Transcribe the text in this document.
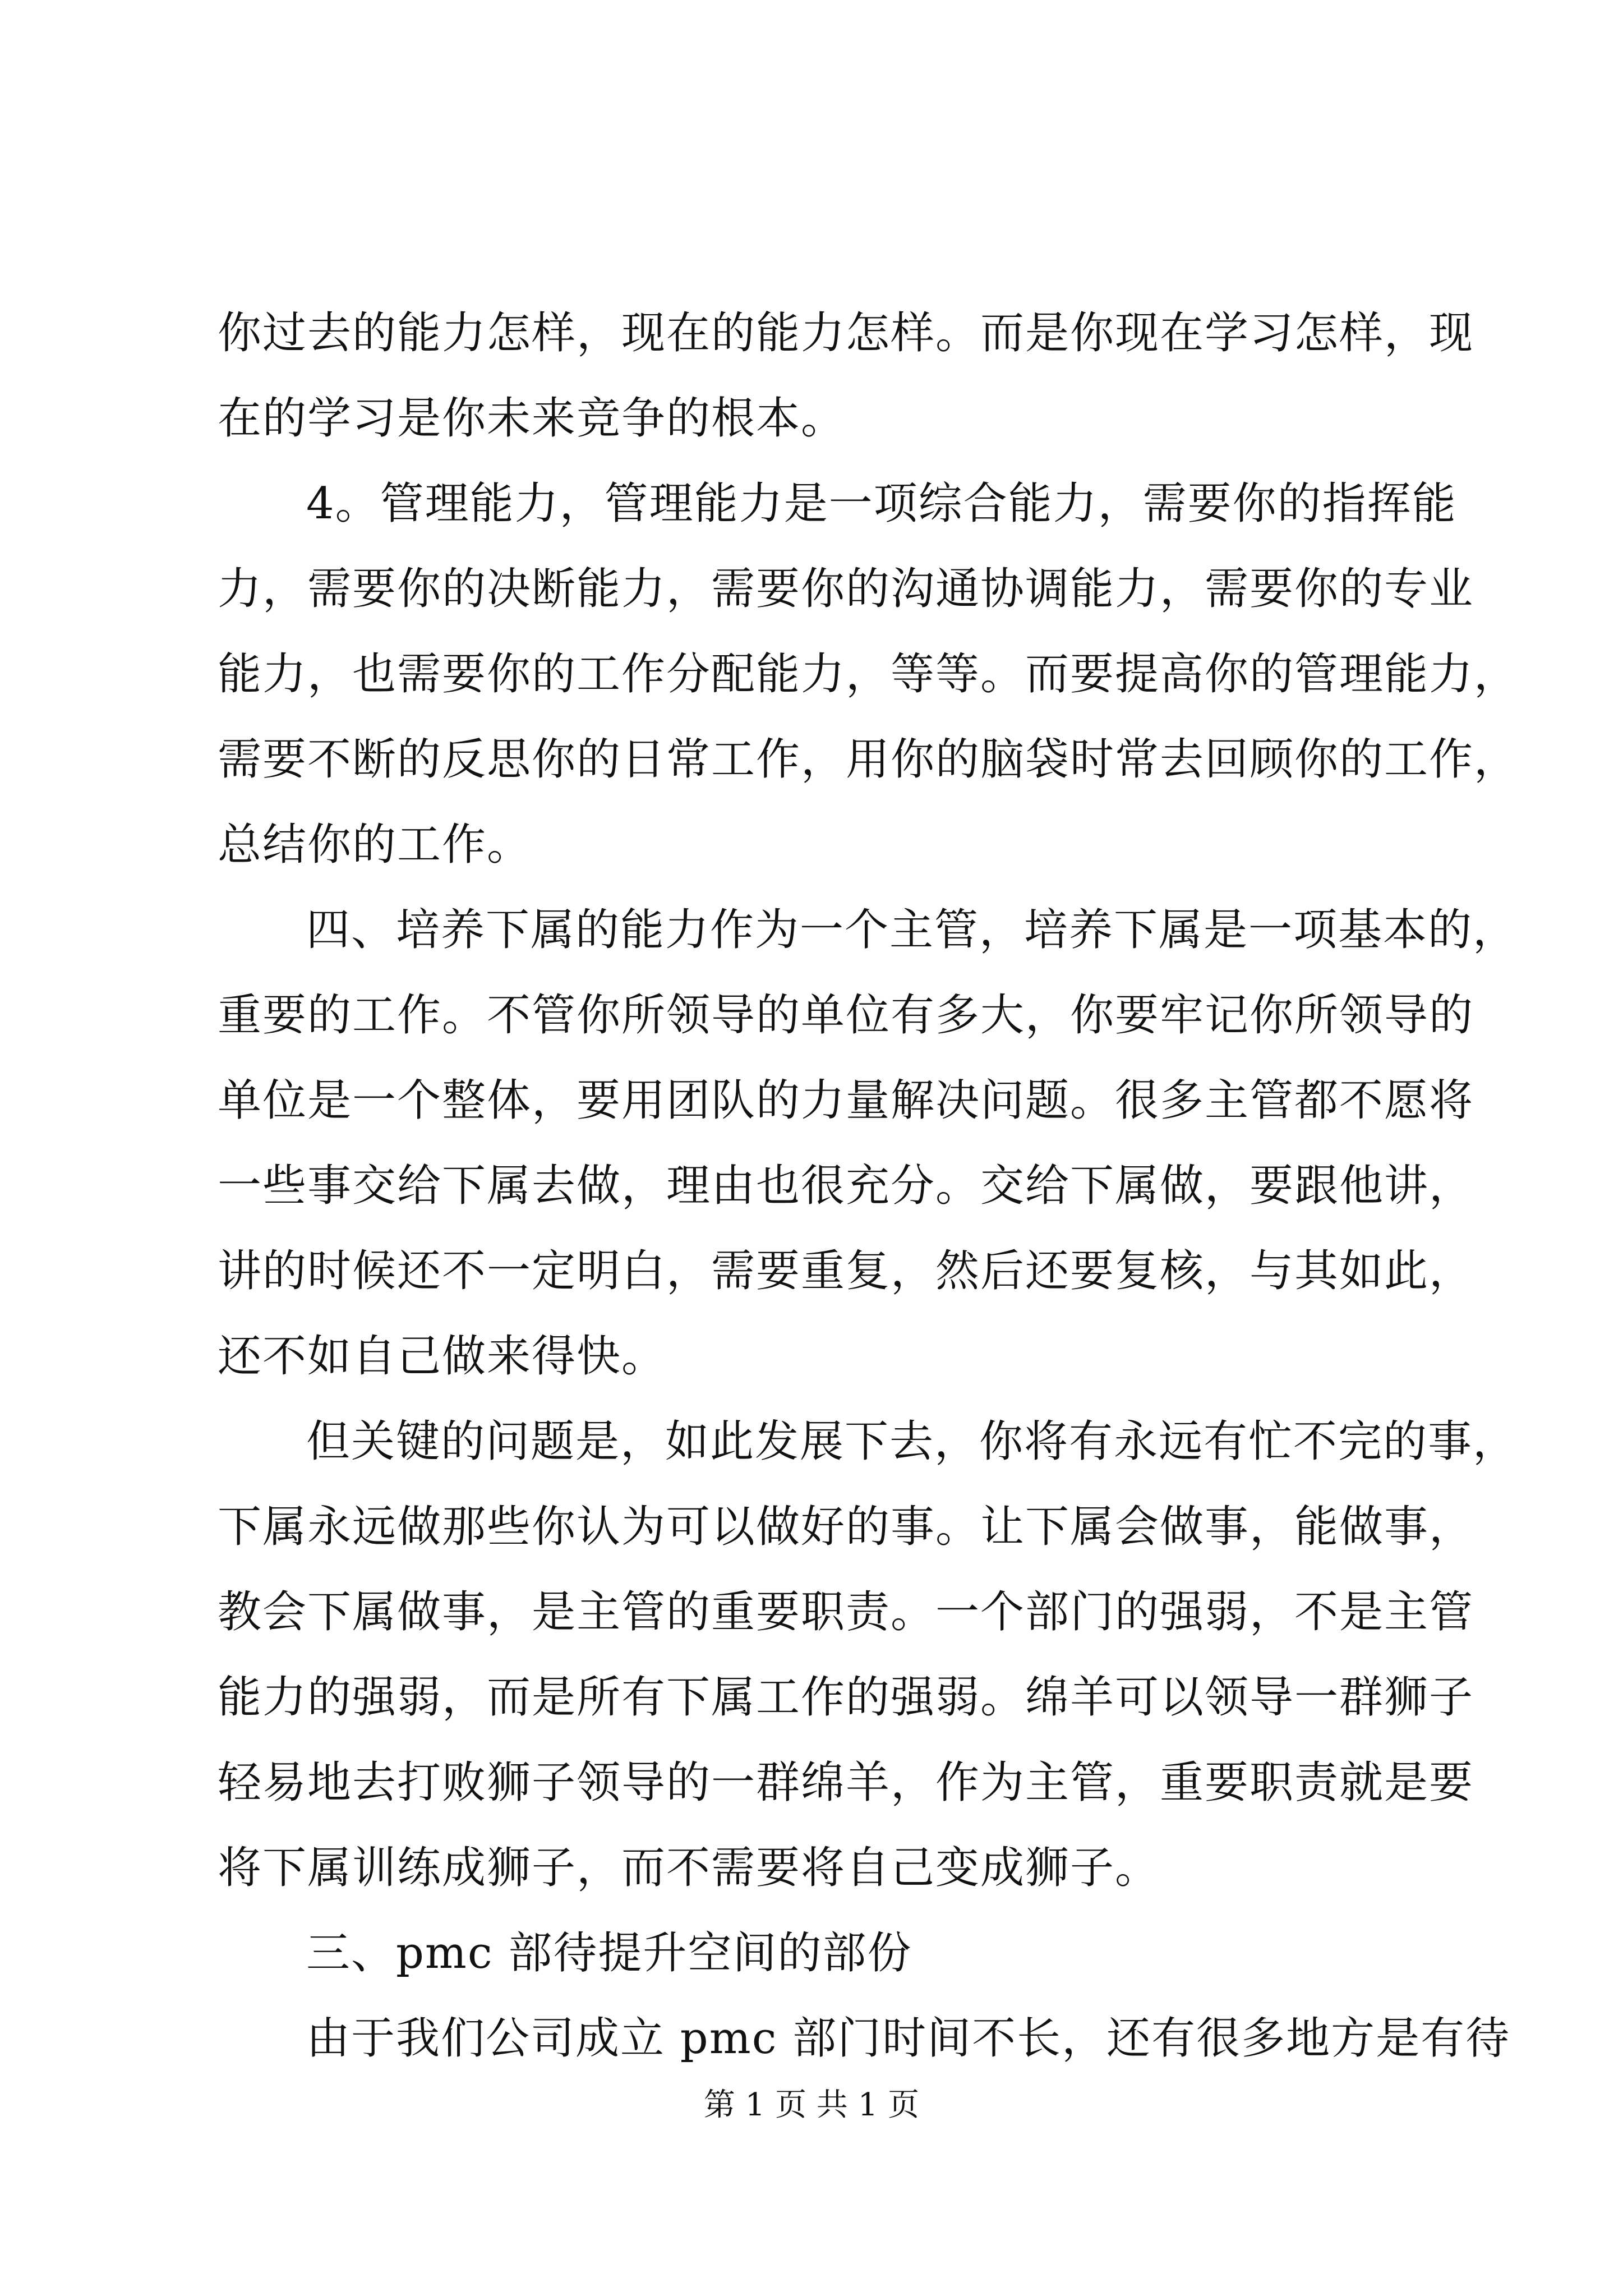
你过去的能力怎样，现在的能力怎样。而是你现在学习怎样，现
在的学习是你未来竞争的根本。
4。管理能力，管理能力是一项综合能力，需要你的指挥能
力，需要你的决断能力，需要你的沟通协调能力，需要你的专业
能力，也需要你的工作分配能力，等等。而要提高你的管理能力，
需要不断的反思你的日常工作，用你的脑袋时常去回顾你的工作，
总结你的工作。
四、培养下属的能力作为一个主管，培养下属是一项基本的，
重要的工作。不管你所领导的单位有多大，你要牢记你所领导的
单位是一个整体，要用团队的力量解决问题。很多主管都不愿将
一些事交给下属去做，理由也很充分。交给下属做，要跟他讲，
讲的时候还不一定明白，需要重复，然后还要复核，与其如此，
还不如自己做来得快。
但关键的问题是，如此发展下去，你将有永远有忙不完的事，
下属永远做那些你认为可以做好的事。让下属会做事，能做事，
教会下属做事，是主管的重要职责。一个部门的强弱，不是主管
能力的强弱，而是所有下属工作的强弱。绵羊可以领导一群狮子
轻易地去打败狮子领导的一群绵羊，作为主管，重要职责就是要
将下属训练成狮子，而不需要将自己变成狮子。
三、pmc 部待提升空间的部份
由于我们公司成立 pmc 部门时间不长，还有很多地方是有待
第 1 页 共 1 页
